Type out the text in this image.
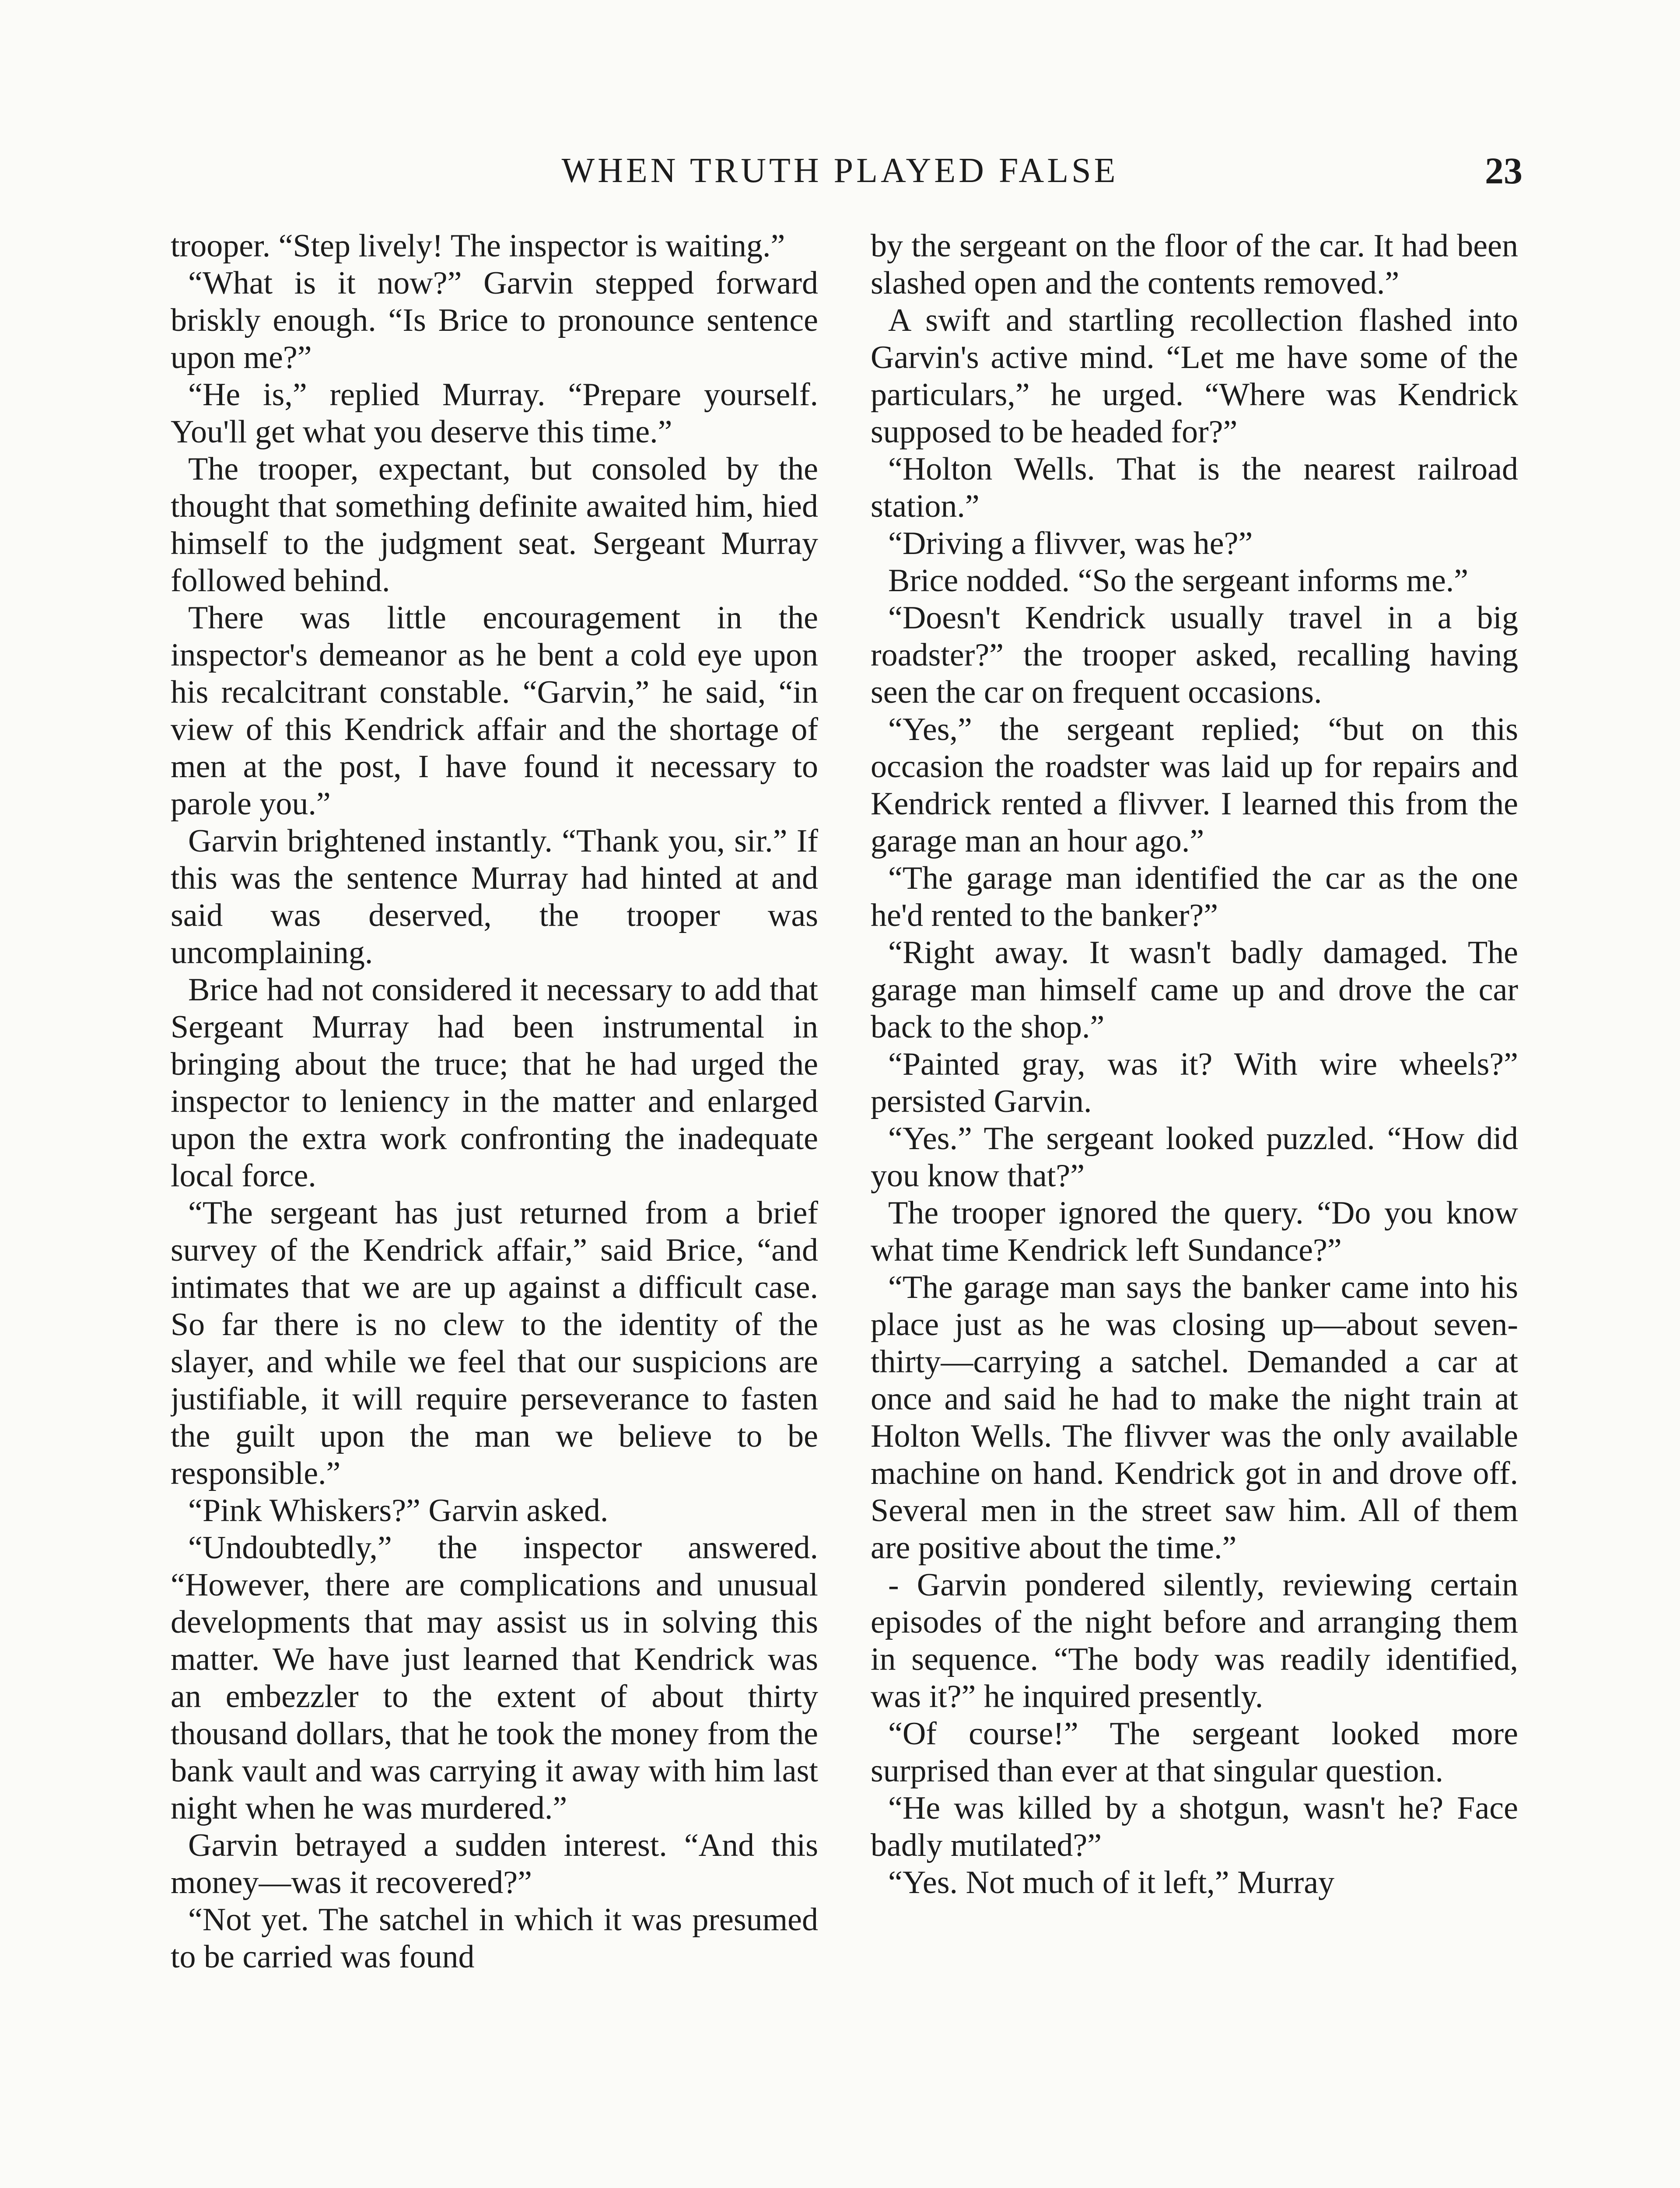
WHEN TRUTH PLAYED FALSE	23

trooper. “Step lively! The inspector is waiting.”

“What is it now?” Garvin stepped forward briskly enough. “Is Brice to pronounce sentence upon me?”

“He is,” replied Murray. “Prepare yourself. You'll get what you deserve this time.”

The trooper, expectant, but consoled by the thought that something definite awaited him, hied himself to the judgment seat. Sergeant Murray followed behind.

There was little encouragement in the inspector's demeanor as he bent a cold eye upon his recalcitrant constable. “Garvin,” he said, “in view of this Kendrick affair and the shortage of men at the post, I have found it necessary to parole you.”

Garvin brightened instantly. “Thank you, sir.” If this was the sentence Murray had hinted at and said was deserved, the trooper was uncomplaining.

Brice had not considered it necessary to add that Sergeant Murray had been instrumental in bringing about the truce; that he had urged the inspector to leniency in the matter and enlarged upon the extra work confronting the inadequate local force.

“The sergeant has just returned from a brief survey of the Kendrick affair,” said Brice, “and intimates that we are up against a difficult case. So far there is no clew to the identity of the slayer, and while we feel that our suspicions are justifiable, it will require perseverance to fasten the guilt upon the man we believe to be responsible.”

“Pink Whiskers?” Garvin asked.

“Undoubtedly,” the inspector answered. “However, there are complications and unusual developments that may assist us in solving this matter. We have just learned that Kendrick was an embezzler to the extent of about thirty thousand dollars, that he took the money from the bank vault and was carrying it away with him last night when he was murdered.”

Garvin betrayed a sudden interest. “And this money—was it recovered?”

“Not yet. The satchel in which it was presumed to be carried was found

by the sergeant on the floor of the car. It had been slashed open and the contents removed.”

A swift and startling recollection flashed into Garvin's active mind. “Let me have some of the particulars,” he urged. “Where was Kendrick supposed to be headed for?”

“Holton Wells. That is the nearest railroad station.”

“Driving a flivver, was he?”

Brice nodded. “So the sergeant informs me.”

“Doesn't Kendrick usually travel in a big roadster?” the trooper asked, recalling having seen the car on frequent occasions.

“Yes,” the sergeant replied; “but on this occasion the roadster was laid up for repairs and Kendrick rented a flivver. I learned this from the garage man an hour ago.”

“The garage man identified the car as the one he'd rented to the banker?”

“Right away. It wasn't badly damaged. The garage man himself came up and drove the car back to the shop.”

“Painted gray, was it? With wire wheels?” persisted Garvin.

“Yes.” The sergeant looked puzzled. “How did you know that?”

The trooper ignored the query. “Do you know what time Kendrick left Sundance?”

“The garage man says the banker came into his place just as he was closing up—about seven-thirty—carrying a satchel. Demanded a car at once and said he had to make the night train at Holton Wells. The flivver was the only available machine on hand. Kendrick got in and drove off. Several men in the street saw him. All of them are positive about the time.”

- Garvin pondered silently, reviewing certain episodes of the night before and arranging them in sequence. “The body was readily identified, was it?” he inquired presently.

“Of course!” The sergeant looked more surprised than ever at that singular question.

“He was killed by a shotgun, wasn't he? Face badly mutilated?”

“Yes. Not much of it left,” Murray
